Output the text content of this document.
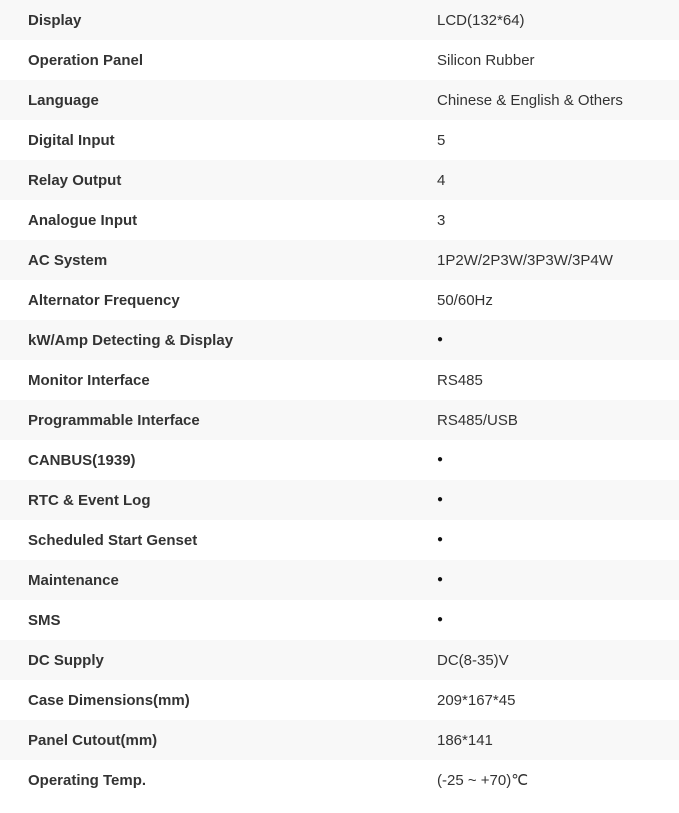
Display	LCD(132*64)
Operation Panel	Silicon Rubber
Language	Chinese & English & Others
Digital Input	5
Relay Output	4
Analogue Input	3
AC System	1P2W/2P3W/3P3W/3P4W
Alternator Frequency	50/60Hz
kW/Amp Detecting & Display	●
Monitor Interface	RS485
Programmable Interface	RS485/USB
CANBUS(1939)	●
RTC & Event Log	●
Scheduled Start Genset	●
Maintenance	●
SMS	●
DC Supply	DC(8-35)V
Case Dimensions(mm)	209*167*45
Panel Cutout(mm)	186*141
Operating Temp.	(-25 ~ +70)℃
